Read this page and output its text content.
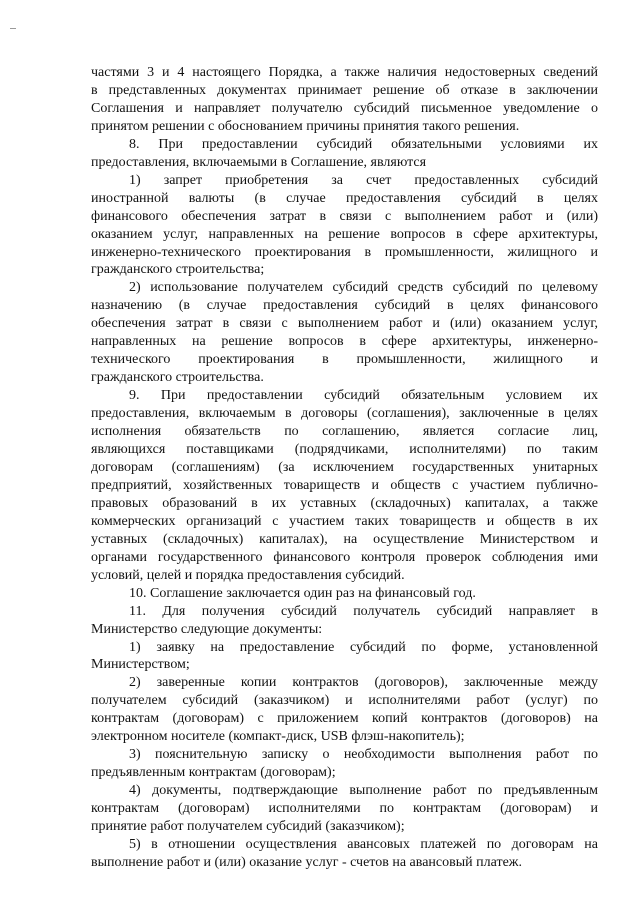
частями 3 и 4 настоящего Порядка, а также наличия недостоверных сведений
в представленных документах принимает решение об отказе в заключении
Соглашения и направляет получателю субсидий письменное уведомление о
принятом решении с обоснованием причины принятия такого решения.
8. При предоставлении субсидий обязательными условиями их
предоставления, включаемыми в Соглашение, являются
1) запрет приобретения за счет предоставленных субсидий
иностранной валюты (в случае предоставления субсидий в целях
финансового обеспечения затрат в связи с выполнением работ и (или)
оказанием услуг, направленных на решение вопросов в сфере архитектуры,
инженерно-технического проектирования в промышленности, жилищного и
гражданского строительства;
2) использование получателем субсидий средств субсидий по целевому
назначению (в случае предоставления субсидий в целях финансового
обеспечения затрат в связи с выполнением работ и (или) оказанием услуг,
направленных на решение вопросов в сфере архитектуры, инженерно-
технического проектирования в промышленности, жилищного и
гражданского строительства.
9. При предоставлении субсидий обязательным условием их
предоставления, включаемым в договоры (соглашения), заключенные в целях
исполнения обязательств по соглашению, является согласие лиц,
являющихся поставщиками (подрядчиками, исполнителями) по таким
договорам (соглашениям) (за исключением государственных унитарных
предприятий, хозяйственных товариществ и обществ с участием публично-
правовых образований в их уставных (складочных) капиталах, а также
коммерческих организаций с участием таких товариществ и обществ в их
уставных (складочных) капиталах), на осуществление Министерством и
органами государственного финансового контроля проверок соблюдения ими
условий, целей и порядка предоставления субсидий.
10. Соглашение заключается один раз на финансовый год.
11. Для получения субсидий получатель субсидий направляет в
Министерство следующие документы:
1) заявку на предоставление субсидий по форме, установленной
Министерством;
2) заверенные копии контрактов (договоров), заключенные между
получателем субсидий (заказчиком) и исполнителями работ (услуг) по
контрактам (договорам) с приложением копий контрактов (договоров) на
электронном носителе (компакт-диск, USB флэш-накопитель);
3) пояснительную записку о необходимости выполнения работ по
предъявленным контрактам (договорам);
4) документы, подтверждающие выполнение работ по предъявленным
контрактам (договорам) исполнителями по контрактам (договорам) и
принятие работ получателем субсидий (заказчиком);
5) в отношении осуществления авансовых платежей по договорам на
выполнение работ и (или) оказание услуг - счетов на авансовый платеж.
